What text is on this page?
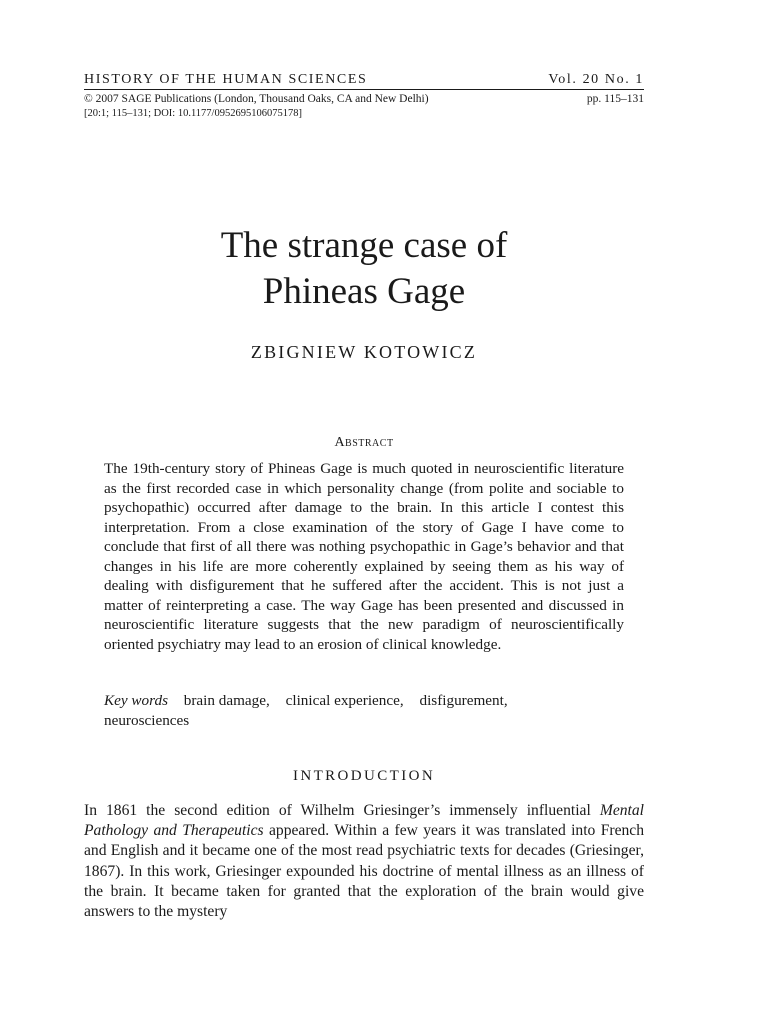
HISTORY OF THE HUMAN SCIENCES	Vol. 20 No. 1
© 2007 SAGE Publications (London, Thousand Oaks, CA and New Delhi)	pp. 115–131
[20:1; 115–131; DOI: 10.1177/0952695106075178]
The strange case of
Phineas Gage
ZBIGNIEW KOTOWICZ
Abstract

The 19th-century story of Phineas Gage is much quoted in neuroscientific literature as the first recorded case in which personality change (from polite and sociable to psychopathic) occurred after damage to the brain. In this article I contest this interpretation. From a close examination of the story of Gage I have come to conclude that first of all there was nothing psychopathic in Gage’s behavior and that changes in his life are more coherently explained by seeing them as his way of dealing with disfigurement that he suffered after the accident. This is not just a matter of reinterpreting a case. The way Gage has been presented and discussed in neuroscientific literature suggests that the new paradigm of neuroscientifically oriented psychiatry may lead to an erosion of clinical knowledge.

Key words brain damage, clinical experience, disfigurement,
neurosciences

INTRODUCTION

In 1861 the second edition of Wilhelm Griesinger’s immensely influential Mental Pathology and Therapeutics appeared. Within a few years it was translated into French and English and it became one of the most read psychiatric texts for decades (Griesinger, 1867). In this work, Griesinger expounded his doctrine of mental illness as an illness of the brain. It became taken for granted that the exploration of the brain would give answers to the mystery
